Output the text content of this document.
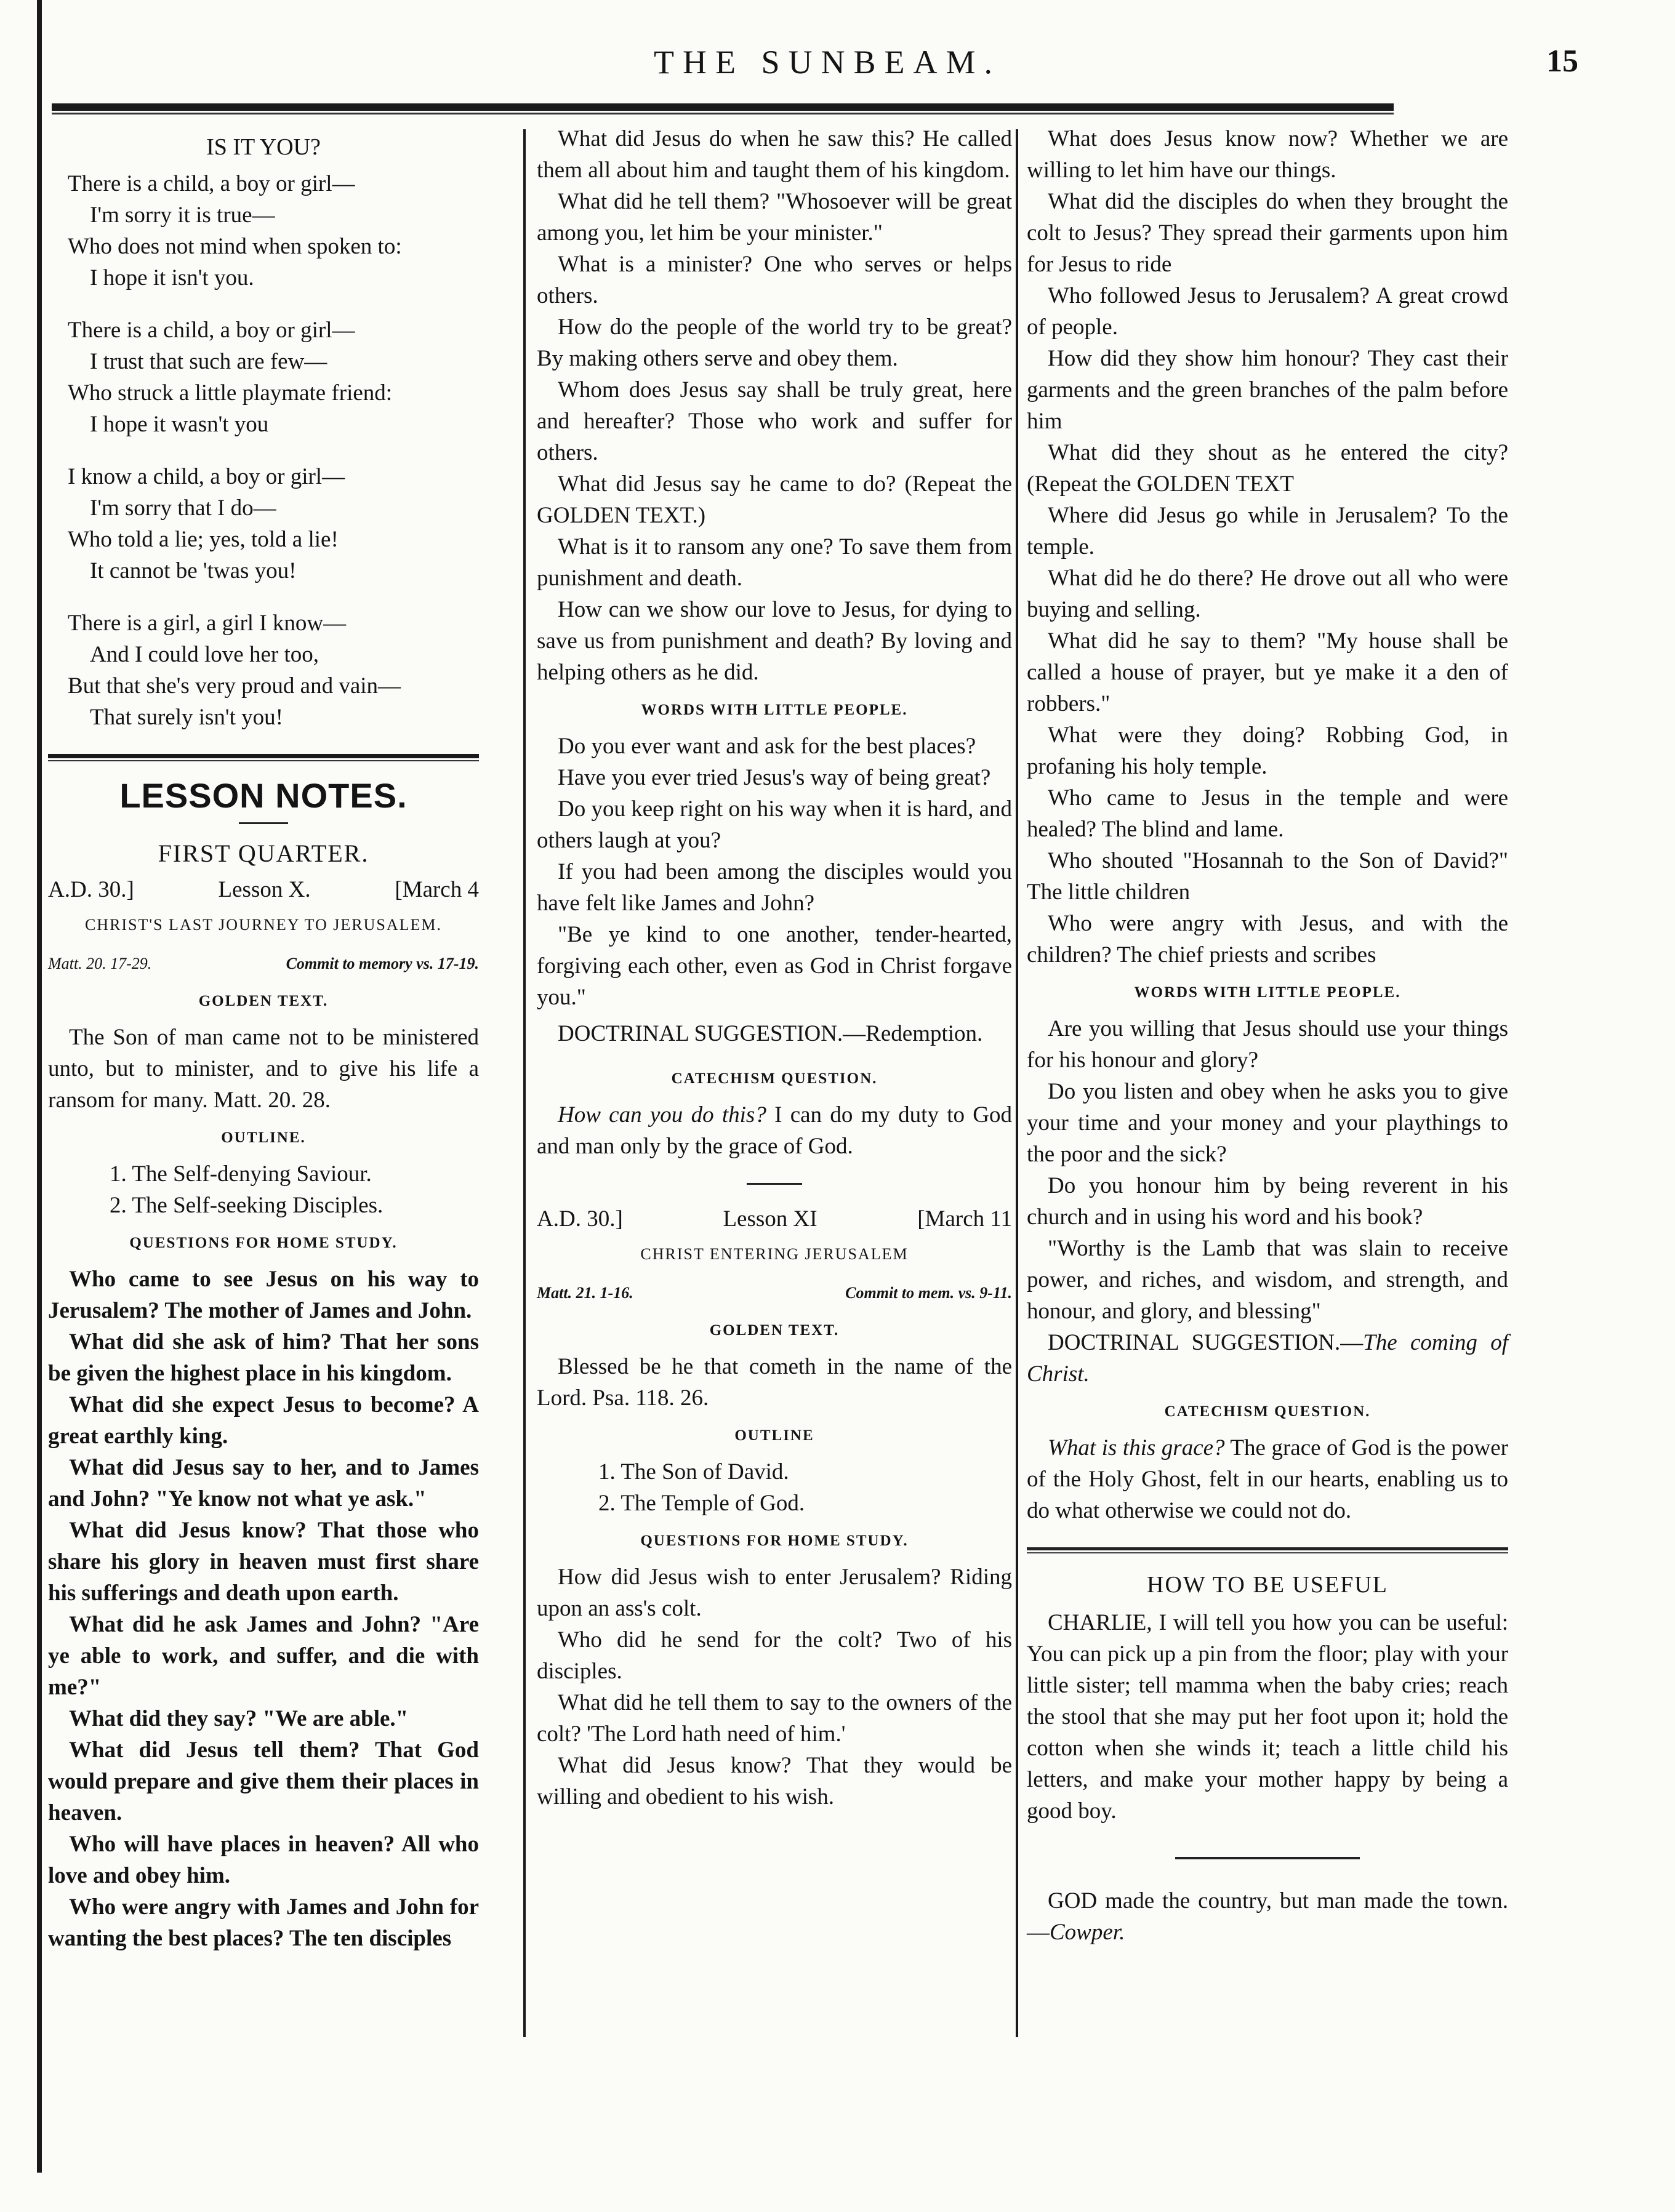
THE SUNBEAM.	15
IS IT YOU?
There is a child, a boy or girl—
I'm sorry it is true—
Who does not mind when spoken to:
I hope it isn't you.
There is a child, a boy or girl—
I trust that such are few—
Who struck a little playmate friend:
I hope it wasn't you
I know a child, a boy or girl—
I'm sorry that I do—
Who told a lie; yes, told a lie!
It cannot be 'twas you!
There is a girl, a girl I know—
And I could love her too,
But that she's very proud and vain—
That surely isn't you!
LESSON NOTES.
FIRST QUARTER.
A.D. 30.]	Lesson X.	[March 4
CHRIST'S LAST JOURNEY TO JERUSALEM.
Matt. 20. 17-29.	Commit to memory vs. 17-19.
GOLDEN TEXT.

The Son of man came not to be ministered unto, but to minister, and to give his life a ransom for many. Matt. 20. 28.

OUTLINE.

1. The Self-denying Saviour.

2. The Self-seeking Disciples.

QUESTIONS FOR HOME STUDY.

Who came to see Jesus on his way to Jerusalem? The mother of James and John.

What did she ask of him? That her sons be given the highest place in his kingdom.

What did she expect Jesus to become? A great earthly king.

What did Jesus say to her, and to James and John? "Ye know not what ye ask."

What did Jesus know? That those who share his glory in heaven must first share his sufferings and death upon earth.

What did he ask James and John? "Are ye able to work, and suffer, and die with me?"

What did they say? "We are able."

What did Jesus tell them? That God would prepare and give them their places in heaven.

Who will have places in heaven? All who love and obey him.

Who were angry with James and John for wanting the best places? The ten disciples

What did Jesus do when he saw this? He called them all about him and taught them of his kingdom.

What did he tell them? "Whosoever will be great among you, let him be your minister."

What is a minister? One who serves or helps others.

How do the people of the world try to be great? By making others serve and obey them.

Whom does Jesus say shall be truly great, here and hereafter? Those who work and suffer for others.

What did Jesus say he came to do? (Repeat the GOLDEN TEXT.)

What is it to ransom any one? To save them from punishment and death.

How can we show our love to Jesus, for dying to save us from punishment and death? By loving and helping others as he did.

WORDS WITH LITTLE PEOPLE.

Do you ever want and ask for the best places?

Have you ever tried Jesus's way of being great?

Do you keep right on his way when it is hard, and others laugh at you?

If you had been among the disciples would you have felt like James and John?

"Be ye kind to one another, tender-hearted, forgiving each other, even as God in Christ forgave you."

DOCTRINAL SUGGESTION.—Redemption.

CATECHISM QUESTION.

How can you do this? I can do my duty to God and man only by the grace of God.

A.D. 30.]	Lesson XI	[March 11
CHRIST ENTERING JERUSALEM
Matt. 21. 1-16.	Commit to mem. vs. 9-11.
GOLDEN TEXT.

Blessed be he that cometh in the name of the Lord. Psa. 118. 26.

OUTLINE

1. The Son of David.

2. The Temple of God.

QUESTIONS FOR HOME STUDY.

How did Jesus wish to enter Jerusalem? Riding upon an ass's colt.

Who did he send for the colt? Two of his disciples.

What did he tell them to say to the owners of the colt? 'The Lord hath need of him.'

What did Jesus know? That they would be willing and obedient to his wish.

What does Jesus know now? Whether we are willing to let him have our things.

What did the disciples do when they brought the colt to Jesus? They spread their garments upon him for Jesus to ride

Who followed Jesus to Jerusalem? A great crowd of people.

How did they show him honour? They cast their garments and the green branches of the palm before him

What did they shout as he entered the city? (Repeat the GOLDEN TEXT

Where did Jesus go while in Jerusalem? To the temple.

What did he do there? He drove out all who were buying and selling.

What did he say to them? "My house shall be called a house of prayer, but ye make it a den of robbers."

What were they doing? Robbing God, in profaning his holy temple.

Who came to Jesus in the temple and were healed? The blind and lame.

Who shouted "Hosannah to the Son of David?" The little children

Who were angry with Jesus, and with the children? The chief priests and scribes

WORDS WITH LITTLE PEOPLE.

Are you willing that Jesus should use your things for his honour and glory?

Do you listen and obey when he asks you to give your time and your money and your playthings to the poor and the sick?

Do you honour him by being reverent in his church and in using his word and his book?

"Worthy is the Lamb that was slain to receive power, and riches, and wisdom, and strength, and honour, and glory, and blessing"

DOCTRINAL SUGGESTION.—The coming of Christ.

CATECHISM QUESTION.

What is this grace? The grace of God is the power of the Holy Ghost, felt in our hearts, enabling us to do what otherwise we could not do.

HOW TO BE USEFUL

CHARLIE, I will tell you how you can be useful: You can pick up a pin from the floor; play with your little sister; tell mamma when the baby cries; reach the stool that she may put her foot upon it; hold the cotton when she winds it; teach a little child his letters, and make your mother happy by being a good boy.

GOD made the country, but man made the town.—Cowper.
